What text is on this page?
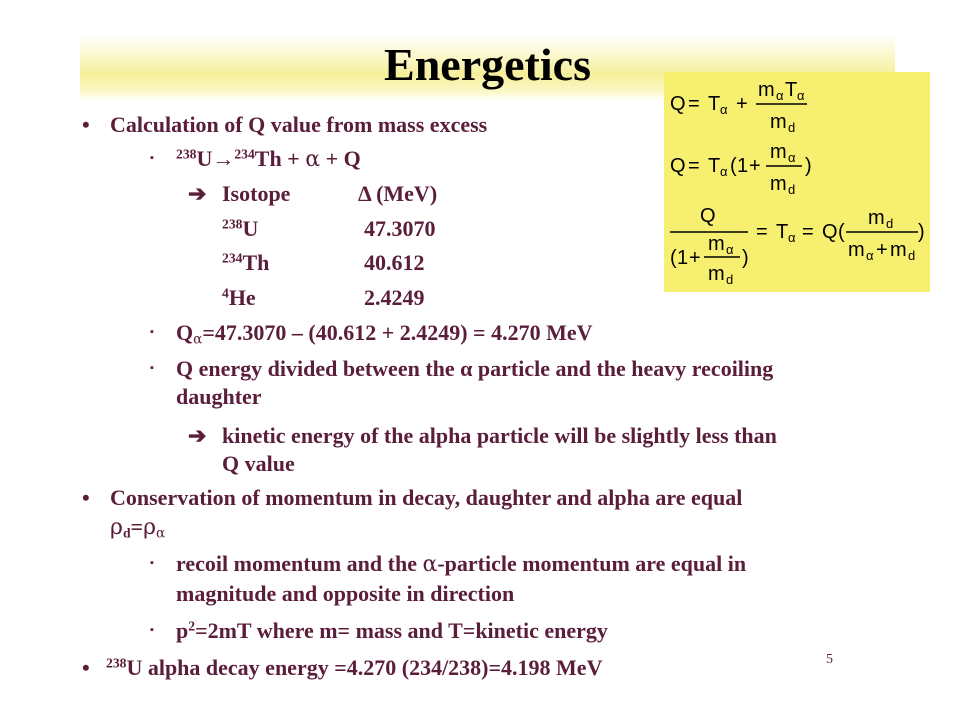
Energetics
Q = T α +
m α T α
m d
Q = T α ( 1 +
m α
m d
)
Q
( 1 +
m α
m d
)
= T α = Q (
m d
m α + m d
)
• Calculation of Q value from mass excess
▪ $^{238}$U→$^{234}$Th + α + Q
➔ Isotope	Δ (MeV)
$^{238}$U	47.3070
$^{234}$Th	40.612
$^4$He	2.4249
▪ $Q_\alpha=47.3070 - (40.612 + 2.4249) = 4.270$ MeV
▪ Q energy divided between the α particle and the heavy recoiling
daughter
➔ kinetic energy of the alpha particle will be slightly less than
Q value
• Conservation of momentum in decay, daughter and alpha are equal
$\rho_d=\rho_\alpha$
▪ recoil momentum and the α-particle momentum are equal in
magnitude and opposite in direction
▪ $p^2=2mT$ where m= mass and T=kinetic energy
• $^{238}$U alpha decay energy =4.270 (234/238)=4.198 MeV	5
